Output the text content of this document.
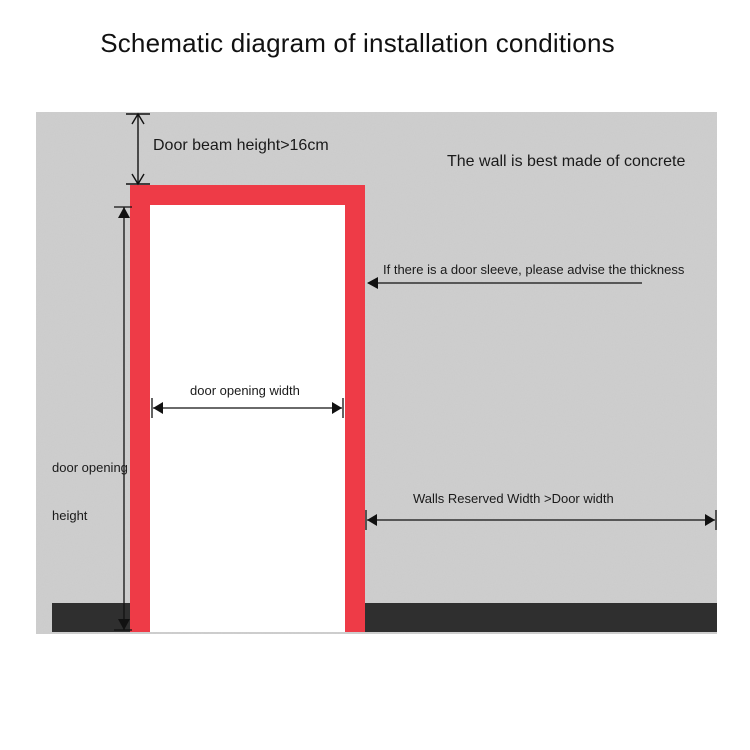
Schematic diagram of installation conditions
Door beam height>16cm
The wall is best made of concrete
If there is a door sleeve, please advise the thickness
door opening width
door opening
height
Walls Reserved Width >Door width
